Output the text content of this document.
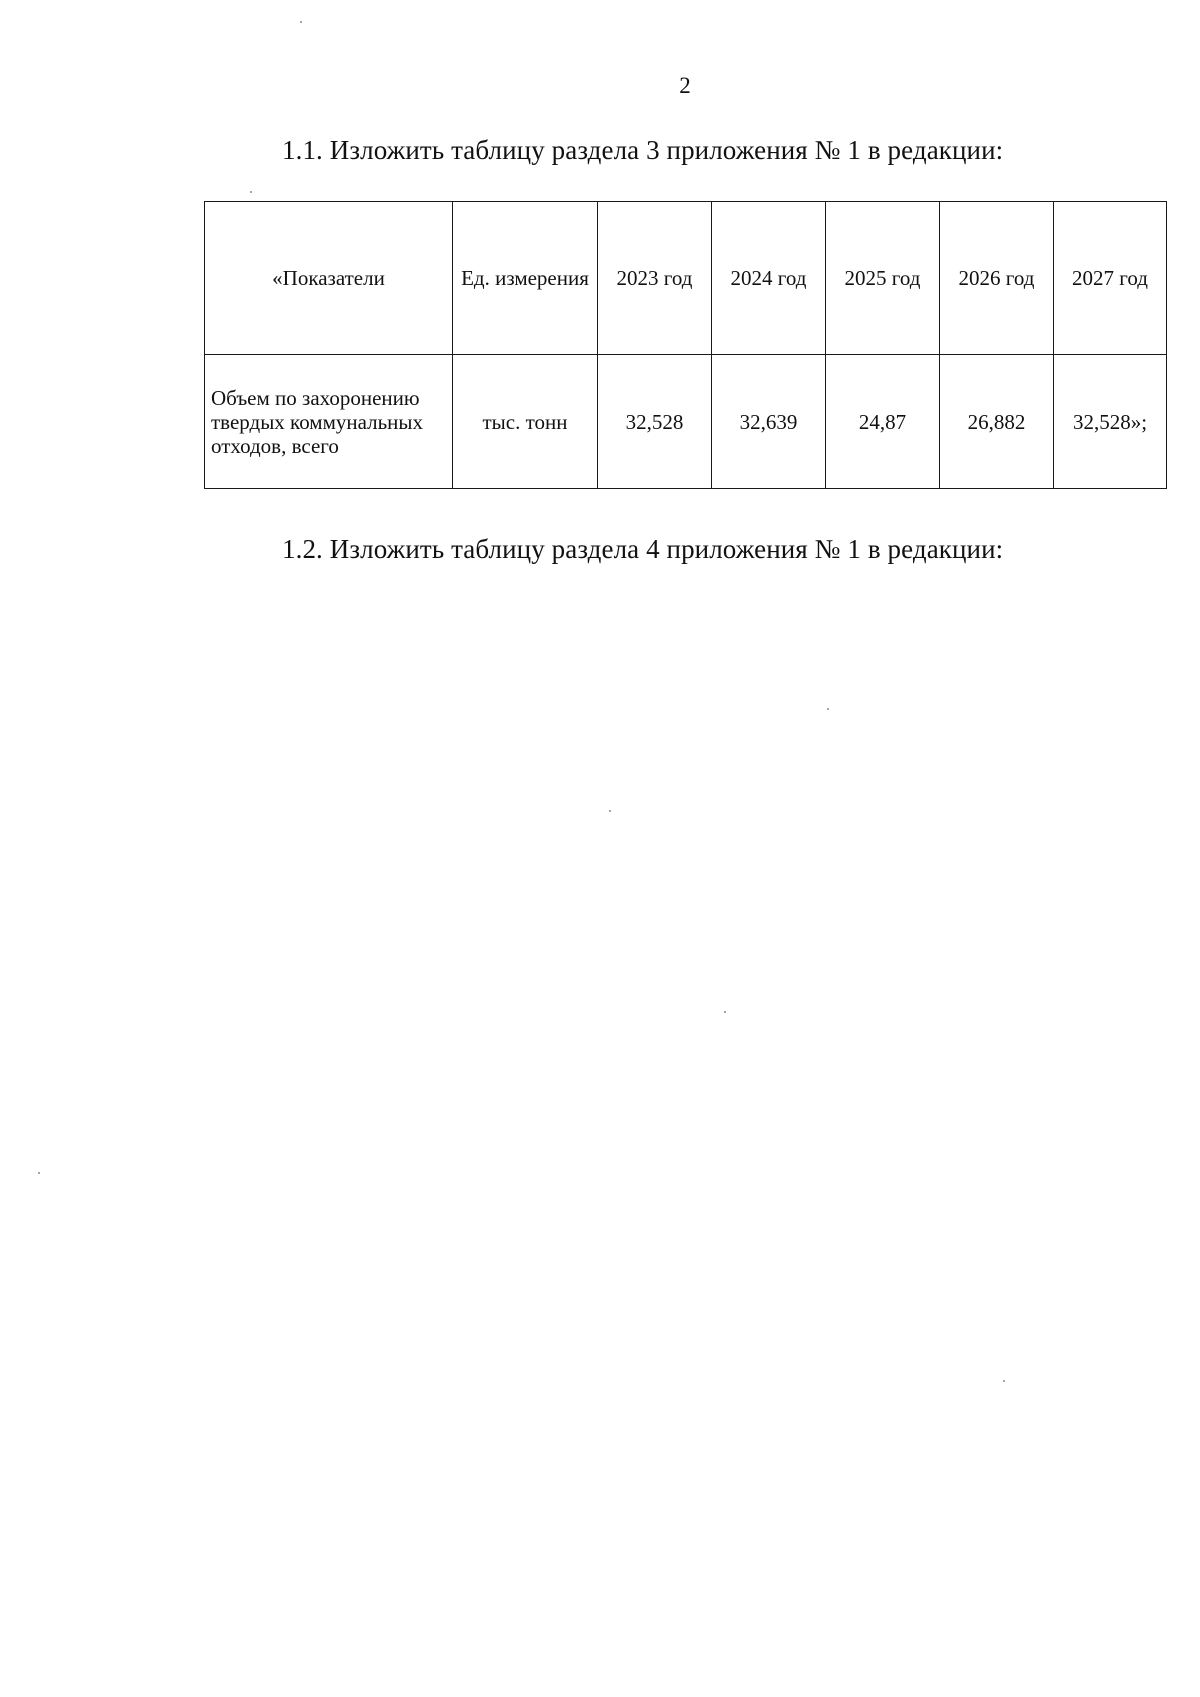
2
1.1. Изложить таблицу раздела 3 приложения № 1 в редакции:
«Показатели	Ед. измерения	2023 год	2024 год	2025 год	2026 год	2027 год
Объем по захоронению твердых коммунальных отходов, всего	тыс. тонн	32,528	32,639	24,87	26,882	32,528»;
1.2. Изложить таблицу раздела 4 приложения № 1 в редакции:
